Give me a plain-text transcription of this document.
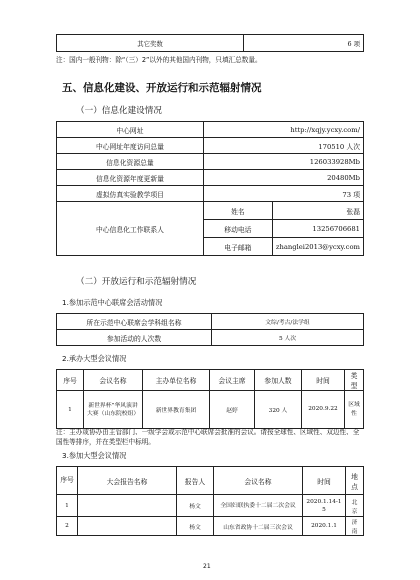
其它奖数	6 项
注：国内一般刊物：除“（三）2”以外的其他国内刊物，只填汇总数量。
五、信息化建设、开放运行和示范辐射情况
（一）信息化建设情况
中心网址	http://xqjy.ycxy.com/	
中心网址年度访问总量	170510 人次	
信息化资源总量	126033928Mb	
信息化资源年度更新量	20480Mb	
虚拟仿真实验教学项目	73 项	
中心信息化工作联系人	姓名	张磊
	移动电话	13256706681
	电子邮箱	zhanglei2013@ycxy.com
（二）开放运行和示范辐射情况
1.参加示范中心联席会活动情况
所在示范中心联席会学科组名称	文综/考古/法学组
参加活动的人次数	5 人次
2.承办大型会议情况
序号	会议名称	主办单位名称	会议主席	参加人数	时间	类型
1	新世界杯”华风演讲大赛（山东院校组）	新世界教育集团	赵婷	320 人	2020.9.22	区域性
注：主办或协办由主管部门、一级学会或示范中心联席会批准的会议。请按全球性、区域性、双边性、全国性等排序，并在类型栏中标明。
3.参加大型会议情况
序号	大会报告名称	报告人	会议名称	时间	地点
1		杨文	全国妇联执委十二届二次会议	2020.1.14-15	北京
2		杨文	山东省政协十二届三次会议	2020.1.1	济南
21
